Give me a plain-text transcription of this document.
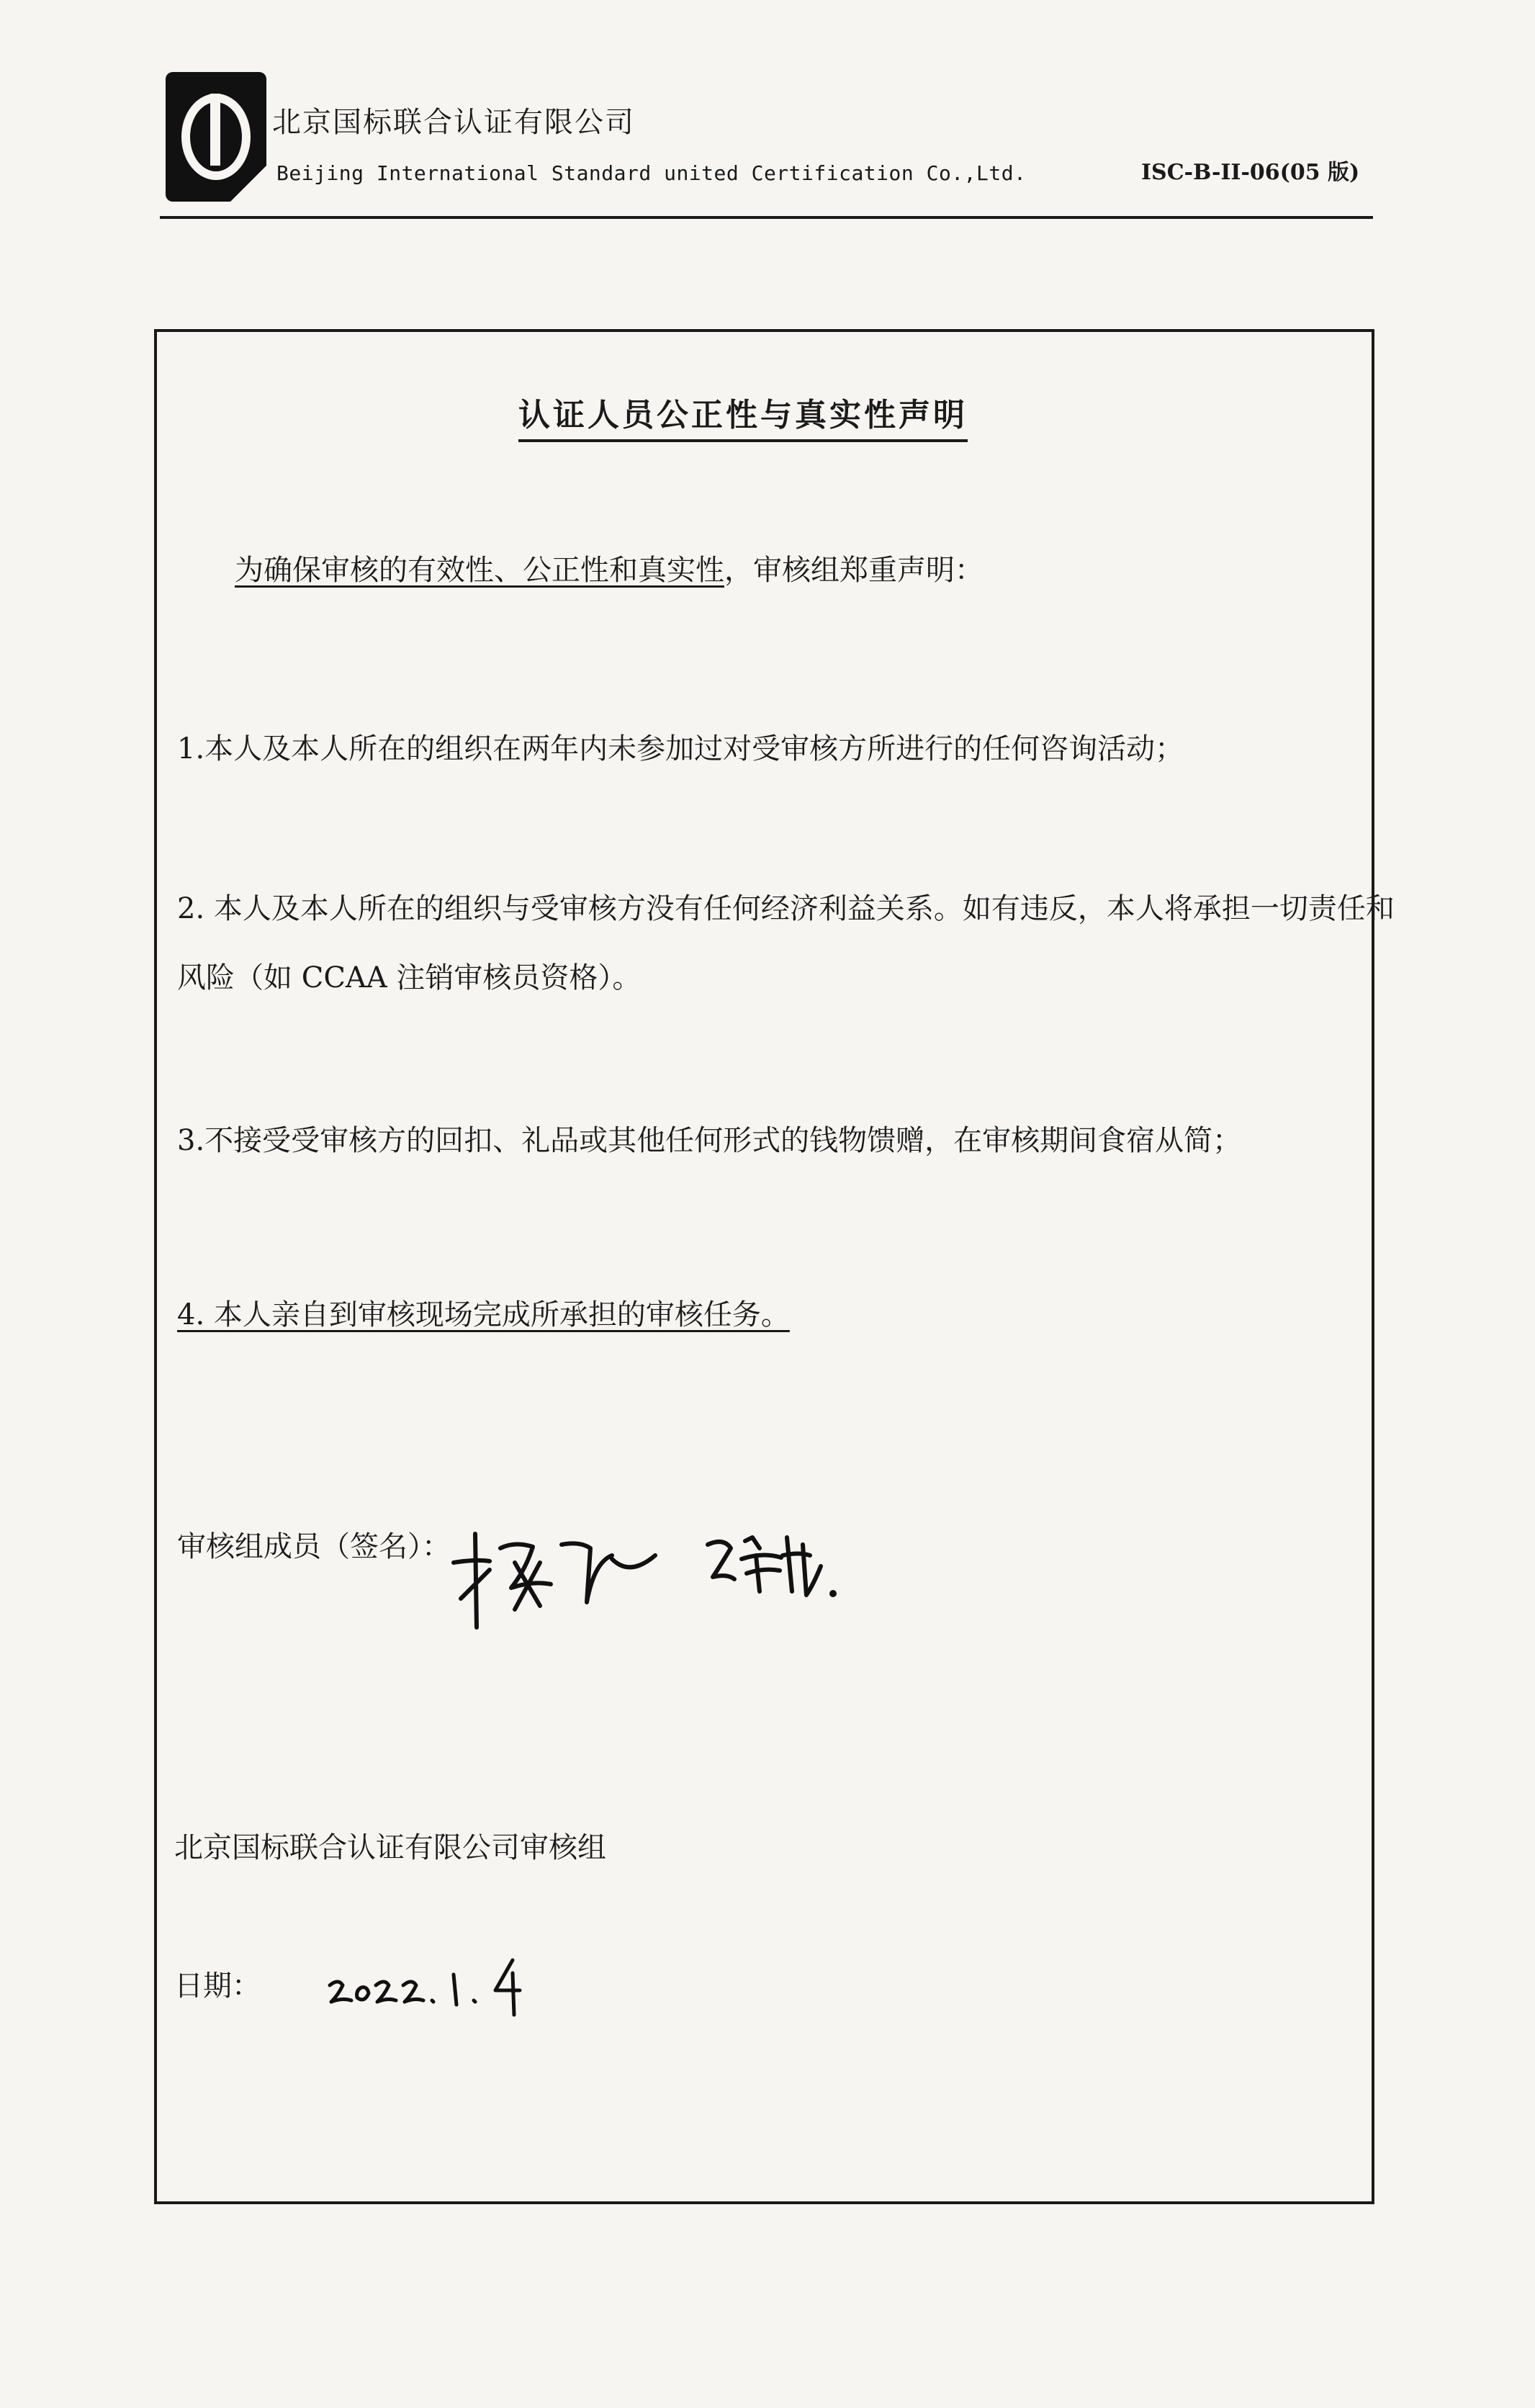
北京国标联合认证有限公司
Beijing International Standard united Certification Co.,Ltd.	ISC-B-II-06(05 版)
认证人员公正性与真实性声明
为确保审核的有效性、公正性和真实性，审核组郑重声明：
1.本人及本人所在的组织在两年内未参加过对受审核方所进行的任何咨询活动；
2. 本人及本人所在的组织与受审核方没有任何经济利益关系。如有违反，本人将承担一切责任和
风险（如 CCAA 注销审核员资格）。
3.不接受受审核方的回扣、礼品或其他任何形式的钱物馈赠，在审核期间食宿从简；
4. 本人亲自到审核现场完成所承担的审核任务。
审核组成员（签名）：
北京国标联合认证有限公司审核组
日期：
